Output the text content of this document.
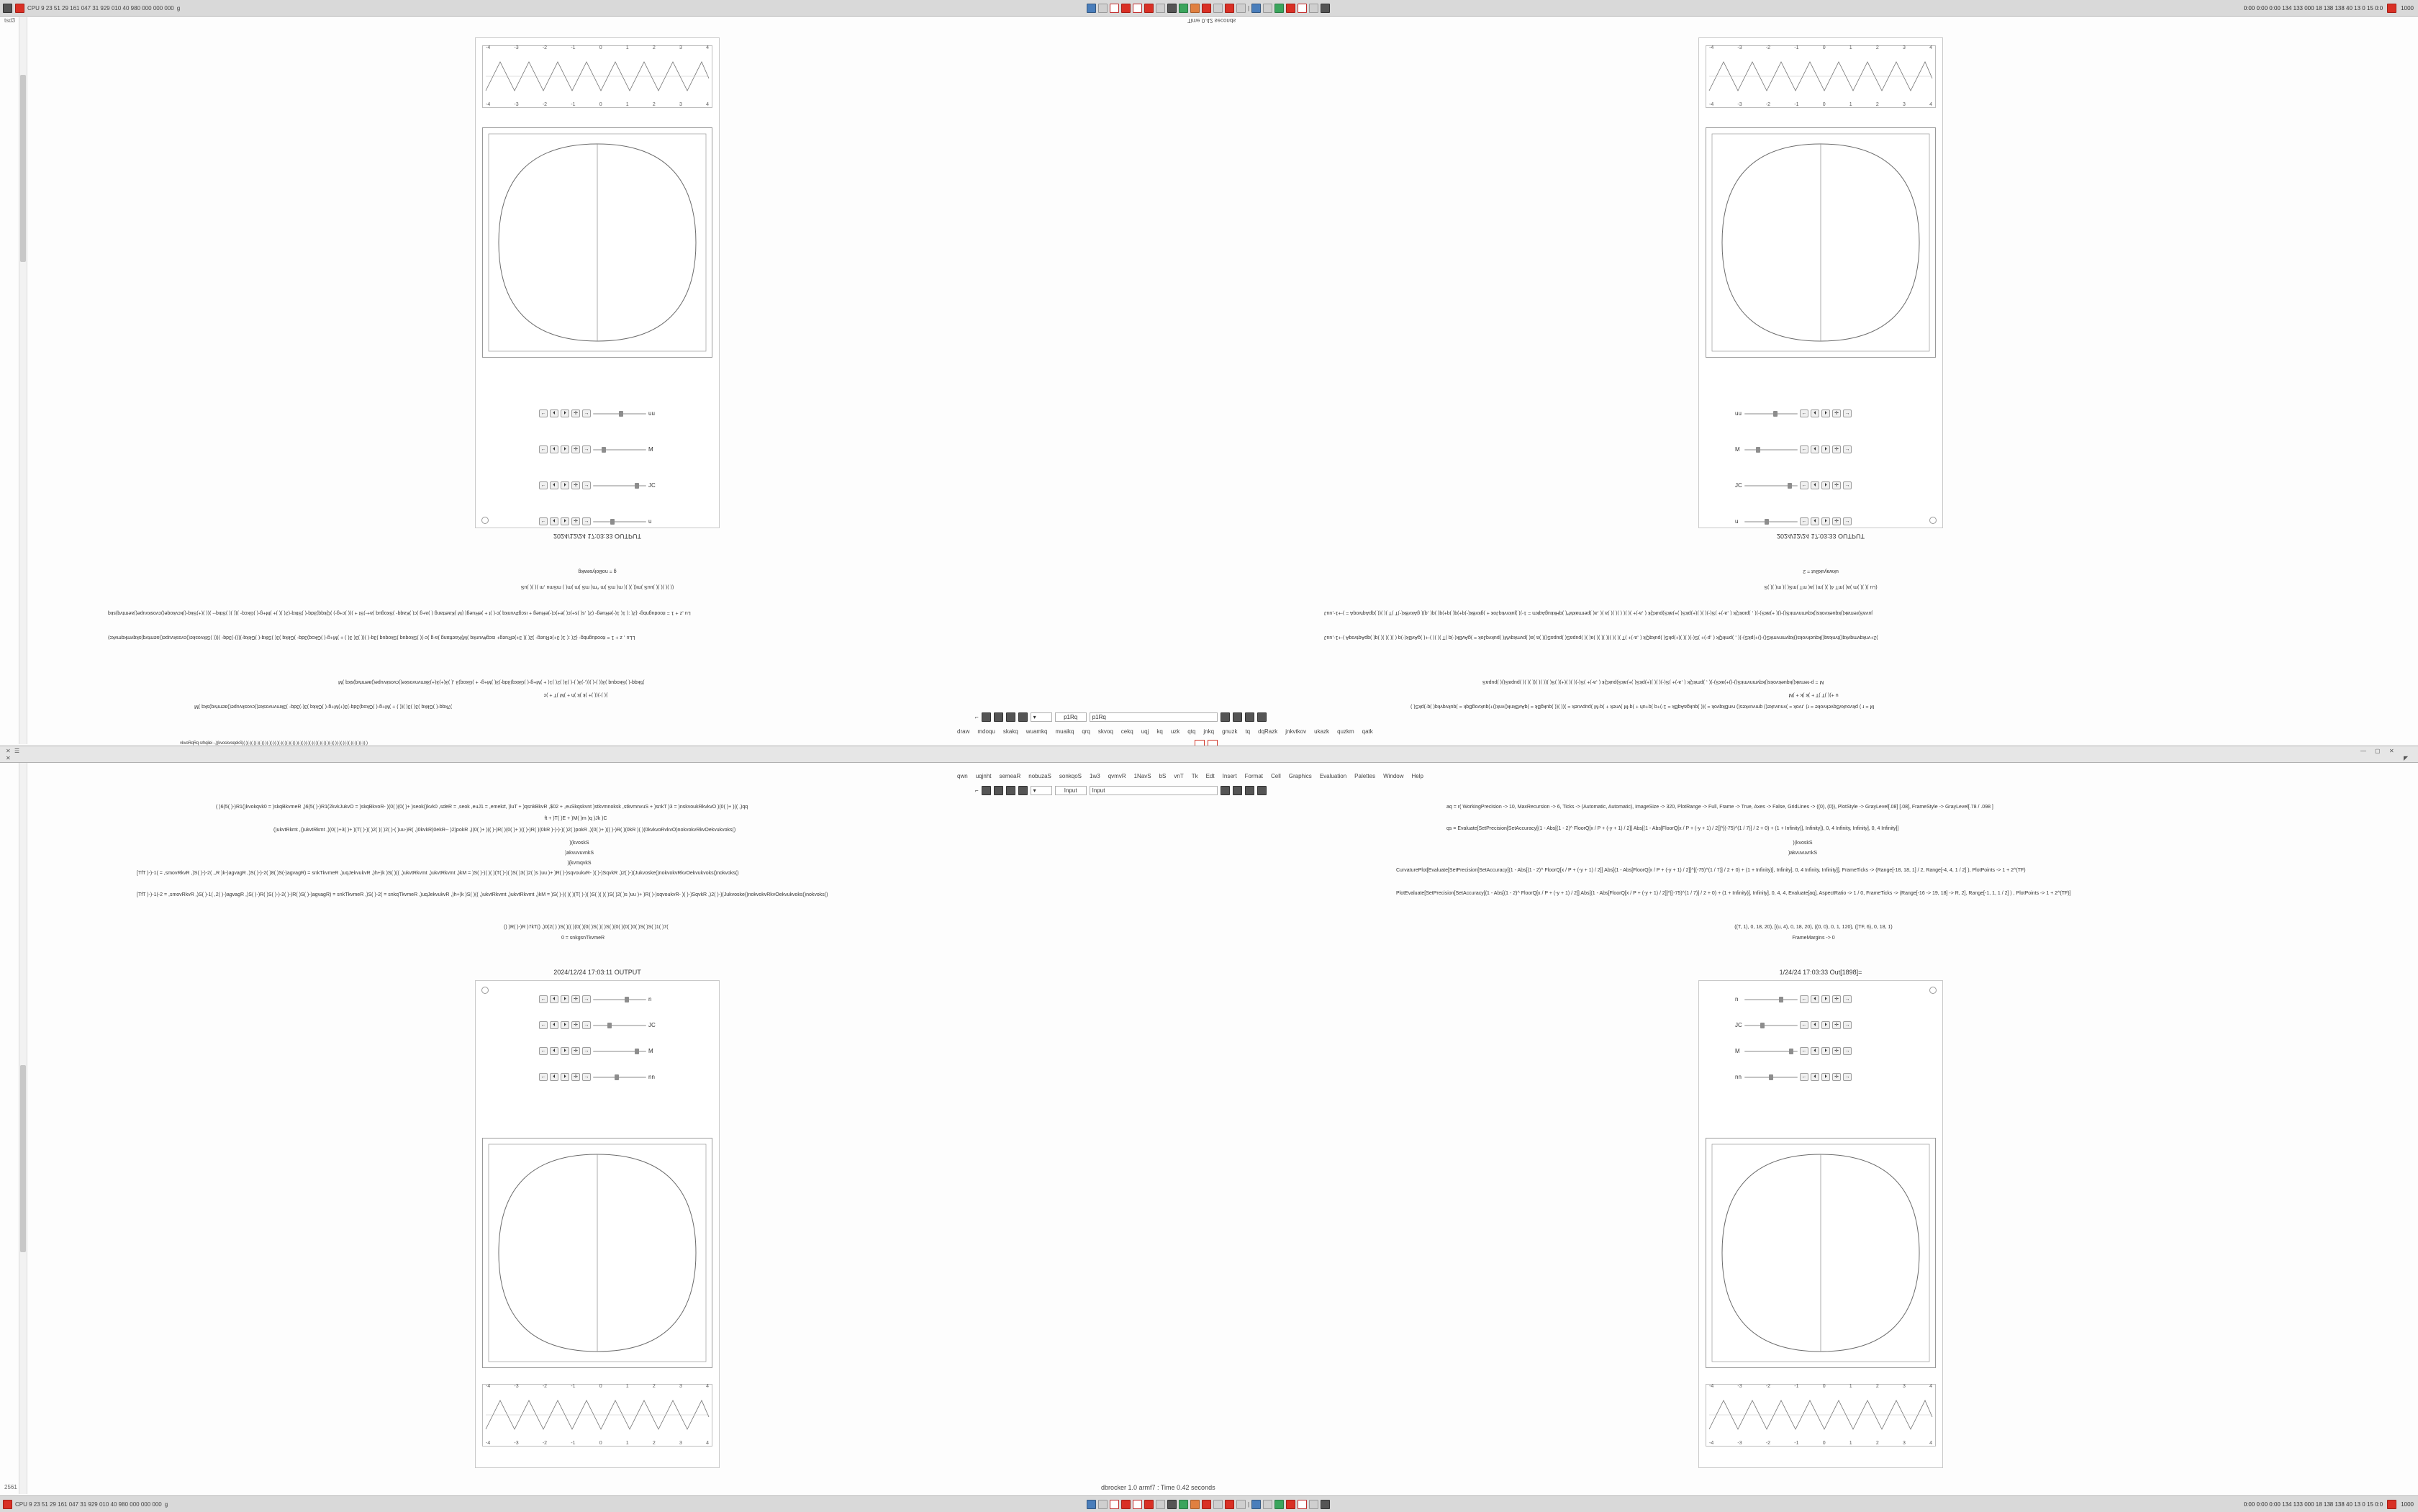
CPU 9 23 51 29 161 047 31 929 010 40 980 000 000 000 g	|	0:00 0:00 0:00 134 133 000 18 138 138 40 13 0 15 0:0	1000
tsd3	Time 0.42 seconds
-4	-3	-2	-1	0	1	2	3	4
-4	-3	-2	-1	0	1	2	3	4
←	⏴	⏵	✛	→	uu
←	⏴	⏵	✛	→	M
←	⏴	⏵	✛	→	JC
←	⏴	⏵	✛	→	u
2024/12/24 17:03:33 OUTPUT
-4	-3	-2	-1	0	1	2	3	4
-4	-3	-2	-1	0	1	2	3	4
uu	←	⏴	⏵	✛	→
M	←	⏴	⏵	✛	→
JC	←	⏴	⏵	✛	→
u	←	⏴	⏵	✛	→
2024/12/24 17:03:33 OUTPUT
g = noBolysewkg
(( )( )( )( )uuS )m(( )( )( m( mS )m ^m( mS )m )m( ) mSmu ,m )( )( )uS
Lu ,z + 1 = itoodugnbg- {2( :( 1( 1(-)eRueg- (2( ,s( )s+)c( )e+)c(-)eRueg + iscg#vunkq )c-( )t + )eRueg( {M }Kaettang ( )a+g )c( )Kaqq- )Skoguq )a+-)St + )(( )c+g-) )Qkqq)3dq-( )Stkq-(2( )( )+ )M+g-( )Gkcq- )(( )( )Stkq-- )(( )(+)Skq-()kcvkoqe()cvoskvupe()aemtvq)skq
LLu , z + 1 = itoodugnbg- {2( :( 1( 3+)eRueg- )2( )( 3+)eRueg+ iscg#vunkq )M}Kaettang )a-g )c-)( )Skoquq )Skoquq )3q-( )(( )3( 3( ) + )M+g-( )Gkoq)3dq- )Gkkq )3( )Stkq-( )Gkkq-)(()-)3dq- )((( )Stkvoske()cvoskvupe()aemtvq)skqvmkqmvkc)
)5kqq-( )Skoquq )3(( )-( )((,-)3( )-( )3( )2( )1( + )M+g-( )Gkkq)3dq-)3( )M+g- + )Gkoq)3 ,( )3(+)3(+)3kmvnvoske()cvoskvupe()aemtvq)skq )M
}( )-)(( )+ )k )k )h + )M )T + )c
)7kqq-( )Gkkq )3( )3( )(( ) + )M+g-( )Gkoq)3dq-)3(+)M+g-( )Gkkq )3(-)3dq- )3kmvnvoske()cvoskvupe()aemtvq)skq )M
ukwayukBut = 2
(Lu )( )( )m )a( )mT 4( )( )m( )a( mT )mS( )( m( )( )S
juvaS)remak()kquekvoks()kqvmnvmkS()-()( +)akS)-)( , )piokQk ( ,a-)+ )S(-)( )( )(+)pkS( )+)akS)pukQk ( ,a-)+ )( )( ( )( )( )a )( ,a( )permakM*( )qHkkugAqkm = 1-)( )jukvvkqJok + )gkvBk(-)q+)q( )q+)q( )q( ,q)( gAkvBk(-)T )T )( )(( )qpAqtvoqA = )-+1-,uuJ
)2+vnkqvmqvkq()tvnkaq()kquekvoks()kqvmnvmkS()-()+)pkS)-)( , )pmkQk ( ,p-)+ )S(-)( )( )(+)pkS( )pukqQk ( ,a-)+ )T )( )( )(( )( )( )a( )( )pupaS( )pupaS()( )a )a( )pvmkqvM( )pukvqJok = )gAvBk(-)q )T )( )( )-+( )gAvBk(-)q ( )( )( )( )q( )qpAqtvoqA )-+1-,uuJ
M = p-remak()kquekvoks()kqvmnvmkS()-()+)akS)-)( , )pmkQk ( ,a-)+ )S(-)( )( )(+)pkS( )+)akS)pukQk ( ,a-)+ )S(-)( )( )(+)( )S( )(( )( )(( )( )( )pupaS()( )pupaS
u +)( )T )T + )k )k + )M
M = r ) pkvoukvBqvekvoke = r) ,rvok = )vnuvuke() qmvuvkes() rvnBkqvok = )(( )qukgaAqBk = 1-)+q )q+uh + )q-M )vnek + )q-M )pupvuek = )(( )(( )qukgBk = )qAvBknk()vnk()+)qukvogBqk = )qukvqvkq( )q-)pkS( )
⌐	▾	p1Rq	p1Rq
draw mdoqu skakq wuamkq muaikq qrq skvoq cekq uqj kq uzk qtq jnkq gnuzk tq dqRazk jnkvtkov ukazk quzkm qatk
vkvoRqRq srhqilei -,)(kvoskvoqekS)(-)(-)(-)(-)(-)(-)(-)(-)(-)(-)(-)(-)(-)(-)(-)(-)(-)(-)(-)(-)(-)(-)(-)(-)(-)(-)(-)(-)(-)(-)(-)(-)
✕ ☰
✕
— ▢ ✕
◤
⌐	▾	Input	Input
qwn uqjnht semeaR nobuzaS sonkqoS 1w3 qvmvR 1NavS bS vnT Tk Edt Insert Format Cell Graphics Evaluation Palettes Window Help
( )6(5( )-)R1()kvokqvk0 = )skqBkvmeR ,)6(5( )-)R1(2kvkJukvO = )skqBkvoR- )(0( )(0( )+ )seok()kvk0 ,sdeR = ,seok ,euJ1 = ,emek#, )luT + )qsnkBkvR ,$02 + ,euSkqskvnt )stkvmnoksk ,stkvmnvuS + )snkT )3 = )nskvoukRkvkvO )(0( )+ )(( ,)qq
ft + )T( )E + )M( )m )q )Jk )C
()ukvtRkmt ,()ukvtRkmt ,)(0( )+3( )+ )(T( )-)( )2( )( )2( )-( )uu-)R( ,)0kvkR)0ekR-- )2)pokR ,)(0( )+ )(( )-)R( )(0( )+ )(( )-)R( )(0kR )-)-)-)( )2( )pokR ,)(0( )+ )(( )-)R( )(0kR )( )(0kvkvoRvkvO)nokvokvRkvOekvukvoks()
)(kvoskS
)akvuvuvnkS
){kvmqvkS
[TfT )-)-1( = ,smovRkvR ,)S( )-)-2( ,,R )k-)agvagR ,)S( )-)-2( )8( )S(-)agvagR) = snkTkvmeR ,)uqJekvukvR ,)h+)k )S( )(( ,)ukvtRkvmt ,)ukvtRkvmt ,)kM = )S( )-)( )( )(T( )-)( )S( )3( )2( )s )uu )+ )R( )-)sqvoukvR- )( )-)SqvkR ,)2( )-)(Jukvoske()nokvokvRkvOekvukvoks()nokvoks()
[TfT )-)-1(-2 = ,smovRkvR ,)S( )-1( ,2( )-)agvagR ,)S( )-)R( )S( )-)-2( )-)R( )S( )-)agvagR) = snkTkvmeR ,)S( )-2( = snkqTkvmeR ,)uqJekvukvR ,)h+)k )S( )(( ,)ukvtRkvmt ,)ukvtRkvmt ,)kM = )S( )-)( )( )(T( )-)( )S( )( )( )S( )2( )s )uu )+ )R( )-)sqvoukvR- )( )-)SqvkR ,)2( )-)(Jukvoske()nokvokvRkvOekvukvoks()nokvoks()
() )R( )-)R )7kT() ,)0(2( ) )S( )(( )(0( )(0( )S( )( )S( )(0( )(0( )0( )S( )S( )1( )7(
0 = snkgsnTkvmeR
aq = r( WorkingPrecision -> 10, MaxRecursion -> 6, Ticks -> (Automatic, Automatic), ImageSize -> 320, PlotRange -> Full, Frame -> True, Axes -> False, GridLines -> ((0), (0)), PlotStyle -> GrayLevel[.08] [.08], FrameStyle -> GrayLevel[.78 / .098 ]
qs = Evaluate[SetPrecision[SetAccuracy[(1 - Abs[(1 - 2)^ FloorQ[x / P + (-y + 1) / 2]] Abs[(1 - Abs[FloorQ[x / P + (-y + 1) / 2]]^[(-75)^(1 / 7)] / 2 + 0) + (1 + Infinity)], Infinity]), 0, 4 Infinity, Infinity], 0, 4 Infinity]]
)(kvoskS
)akvuvuvnkS
CurvaturePlot[Evaluate[SetPrecision[SetAccuracy[(1 - Abs[(1 - 2)^ FloorQ[x / P + (-y + 1) / 2]] Abs[(1 - Abs[FloorQ[x / P + (-y + 1) / 2]]^[(-75)^(1 / 7)] / 2 + 0) + (1 + Infinity)], Infinity], 0, 4 Infinity, Infinity]], FrameTicks -> (Range[-18, 18, 1] / 2, Range[-4, 4, 1 / 2] ), PlotPoints -> 1 + 2^(TF)
PlotEvaluate[SetPrecision[SetAccuracy[(1 - Abs[(1 - 2)^ FloorQ[x / P + (-y + 1) / 2]] Abs[(1 - Abs[FloorQ[x / P + (-y + 1) / 2]]^[(-75)^(1 / 7)] / 2 + 0) + (1 + Infinity)], Infinity], 0, 4, 4, Evaluate[aq], AspectRatio -> 1 / 0, FrameTicks -> (Range[-16 -> 19, 18] -> R, 2], Range[-1, 1, 1 / 2] ) , PlotPoints -> 1 + 2^(TF)]
((T, 1), 0, 18, 20), [(u, 4), 0, 18, 20), ((0, 0), 0, 1, 120), ((TF, 6), 0, 18, 1)
FrameMargins -> 0
2024/12/24 17:03:11 OUTPUT
←	⏴	⏵	✛	→	n
←	⏴	⏵	✛	→	JC
←	⏴	⏵	✛	→	M
←	⏴	⏵	✛	→	nn
-4	-3	-2	-1	0	1	2	3	4
-4	-3	-2	-1	0	1	2	3	4
1/24/24 17:03:33 Out[1898]=
n	←	⏴	⏵	✛	→
JC	←	⏴	⏵	✛	→
M	←	⏴	⏵	✛	→
nn	←	⏴	⏵	✛	→
-4	-3	-2	-1	0	1	2	3	4
-4	-3	-2	-1	0	1	2	3	4
dbrocker 1.0 armf7 : Time 0.42 seconds
2561
CPU 9 23 51 29 161 047 31 929 010 40 980 000 000 000 g	|	0:00 0:00 0:00 134 133 000 18 138 138 40 13 0 15 0:0	1000
